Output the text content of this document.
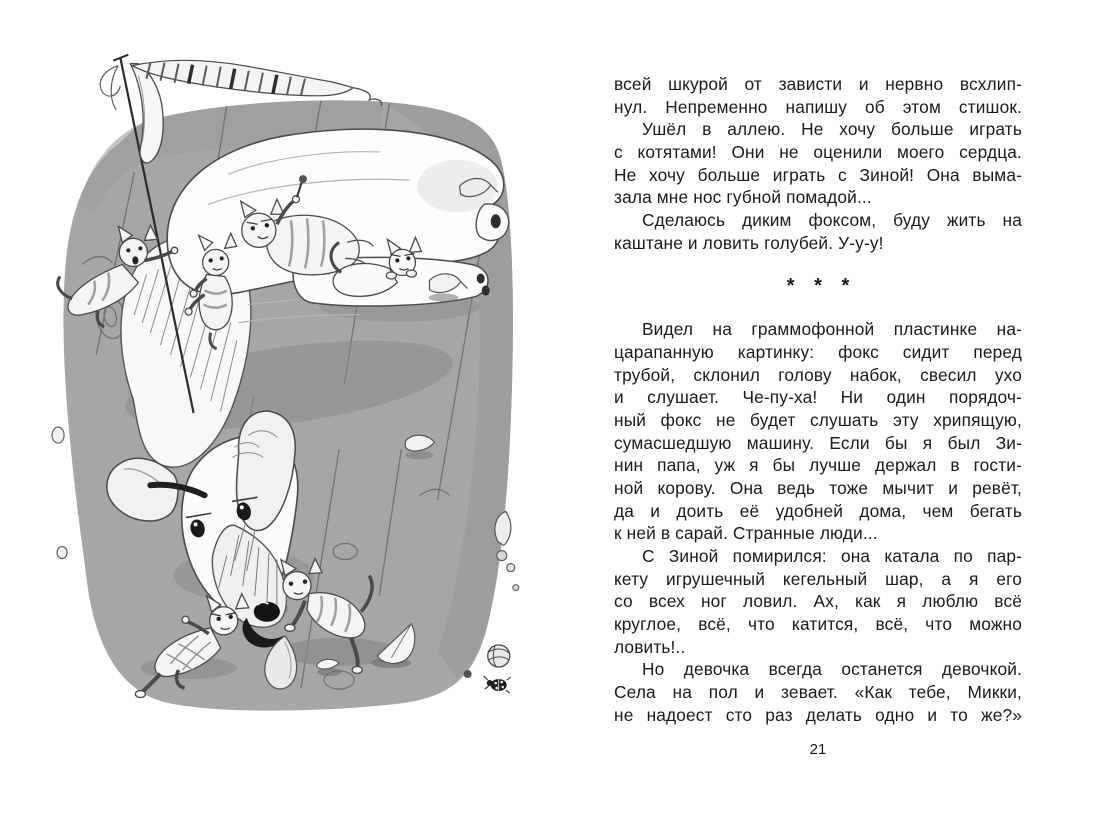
всей шкурой от зависти и нервно всхлип-
нул. Непременно напишу об этом стишок.
Ушёл в аллею. Не хочу больше играть
с котятами! Они не оценили моего сердца.
Не хочу больше играть с Зиной! Она выма-
зала мне нос губной помадой...
Сделаюсь диким фоксом, буду жить на
каштане и ловить голубей. У-у-у!
* * *
Видел на граммофонной пластинке на-
царапанную картинку: фокс сидит перед
трубой, склонил голову набок, свесил ухо
и слушает. Че-пу-ха! Ни один порядоч-
ный фокс не будет слушать эту хрипящую,
сумасшедшую машину. Если бы я был Зи-
нин папа, уж я бы лучше держал в гости-
ной корову. Она ведь тоже мычит и ревёт,
да и доить её удобней дома, чем бегать
к ней в сарай. Странные люди...
С Зиной помирился: она катала по пар-
кету игрушечный кегельный шар, а я его
со всех ног ловил. Ах, как я люблю всё
круглое, всё, что катится, всё, что можно
ловить!..
Но девочка всегда останется девочкой.
Села на пол и зевает. «Как тебе, Микки,
не надоест сто раз делать одно и то же?»
21
